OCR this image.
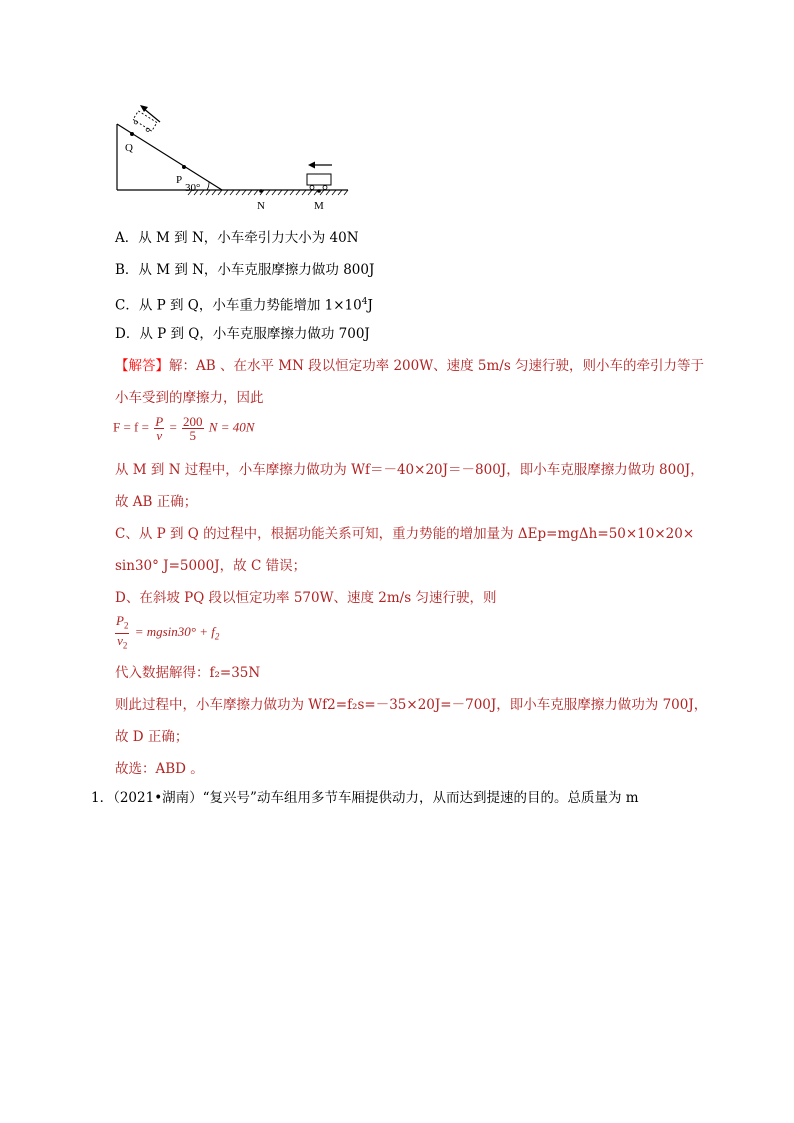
Q
P
30°
N	M
A．从 M 到 N，小车牵引力大小为 40N
B．从 M 到 N，小车克服摩擦力做功 800J
C．从 P 到 Q，小车重力势能增加 $1\times 10^4J$
D．从 P 到 Q，小车克服摩擦力做功 700J
【解答】解：AB 、在水平 MN 段以恒定功率 200W、速度 5m/s 匀速行驶，则小车的牵引力等于
小车受到的摩擦力，因此
$F = f = \frac{P}{v} = \frac{200}{5}$ N = 40N
从 M 到 N 过程中，小车摩擦力做功为 Wf＝－40×20J＝－800J，即小车克服摩擦力做功 800J，
故 AB 正确；
C、从 P 到 Q 的过程中，根据功能关系可知，重力势能的增加量为 ΔEp=mgΔh=50×10×20×
sin30° J=5000J，故 C 错误；
D、在斜坡 PQ 段以恒定功率 570W、速度 2m/s 匀速行驶，则
$\frac{P_2}{v_2} = mgsin30^\circ + f_2$
代入数据解得：f₂=35N
则此过程中，小车摩擦力做功为 Wf2=f₂s=－35×20J=－700J，即小车克服摩擦力做功为 700J，
故 D 正确；
故选：ABD 。
1．（2021•湖南）“复兴号”动车组用多节车厢提供动力，从而达到提速的目的。总质量为 m
